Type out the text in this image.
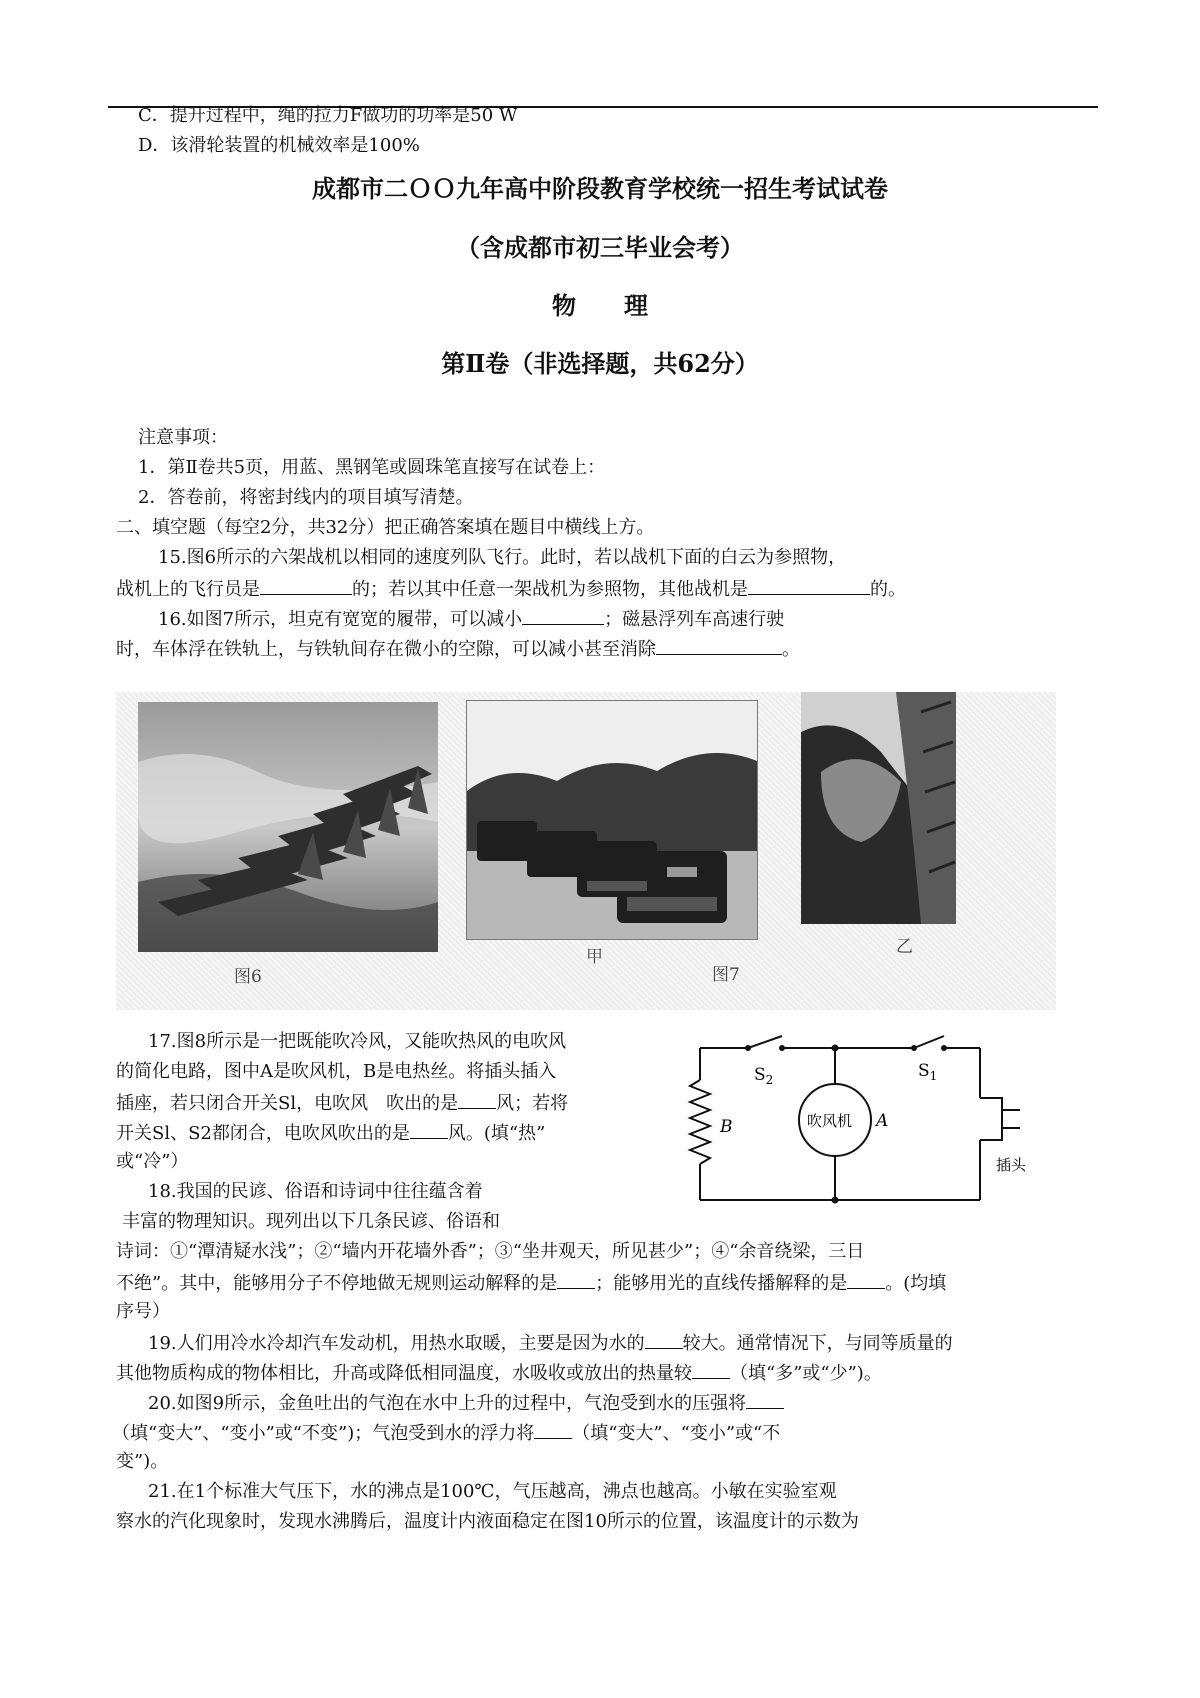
C．提升过程中，绳的拉力F做功的功率是50 W
D．该滑轮装置的机械效率是100%
成都市二ＯＯ九年高中阶段教育学校统一招生考试试卷
（含成都市初三毕业会考）
物　　理
第Ⅱ卷（非选择题，共62分）
注意事项：
1．第Ⅱ卷共5页，用蓝、黑钢笔或圆珠笔直接写在试卷上：
2．答卷前，将密封线内的项目填写清楚。
二、填空题（每空2分，共32分）把正确答案填在题目中横线上方。
15.图6所示的六架战机以相同的速度列队飞行。此时，若以战机下面的白云为参照物，
战机上的飞行员是	的；若以其中任意一架战机为参照物，其他战机是	的。
16.如图7所示，坦克有宽宽的履带，可以减小	；磁悬浮列车高速行驶
时，车体浮在铁轨上，与铁轨间存在微小的空隙，可以减小甚至消除	。
图6
甲
图7
乙
17.图8所示是一把既能吹冷风，又能吹热风的电吹风
的简化电路，图中A是吹风机，B是电热丝。将插头插入
插座，若只闭合开关Sl，电吹风　吹出的是 风；若将
开关Sl、S2都闭合，电吹风吹出的是 风。(填“热”
或“冷”）
$S_2$	$S_1$
B	吹风机 A
插头
18.我国的民谚、俗语和诗词中往往蕴含着
丰富的物理知识。现列出以下几条民谚、俗语和
诗词：①“潭清疑水浅”；②“墙内开花墙外香”；③“坐井观天，所见甚少”；④“余音绕梁，三日
不绝”。其中，能够用分子不停地做无规则运动解释的是 ；能够用光的直线传播解释的是 。(均填
序号）
19.人们用冷水冷却汽车发动机，用热水取暖，主要是因为水的 较大。通常情况下，与同等质量的
其他物质构成的物体相比，升高或降低相同温度，水吸收或放出的热量较 （填“多”或“少”)。
20.如图9所示，金鱼吐出的气泡在水中上升的过程中，气泡受到水的压强将
（填“变大”、“变小”或“不变”)；气泡受到水的浮力将 （填“变大”、“变小”或“不
变”)。
21.在1个标准大气压下，水的沸点是100℃，气压越高，沸点也越高。小敏在实验室观
察水的汽化现象时，发现水沸腾后，温度计内液面稳定在图10所示的位置，该温度计的示数为
